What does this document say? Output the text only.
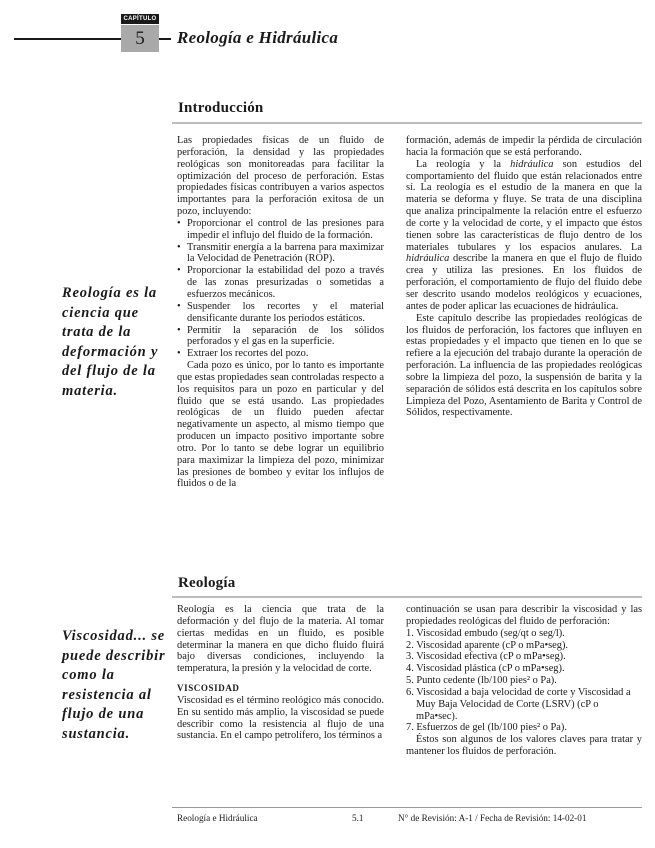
CAPÍTULO
5	Reología e Hidráulica
Introducción
Reología es la ciencia que trata de la deformación y del flujo de la materia.

Las propiedades físicas de un fluido de perforación, la densidad y las propiedades reológicas son monitoreadas para facilitar la optimización del proceso de perforación. Estas propiedades físicas contribuyen a varios aspectos importantes para la perforación exitosa de un pozo, incluyendo:

• Proporcionar el control de las presiones para impedir el influjo del fluido de la formación.
• Transmitir energía a la barrena para maximizar la Velocidad de Penetración (ROP).
• Proporcionar la estabilidad del pozo a través de las zonas presurizadas o sometidas a esfuerzos mecánicos.
• Suspender los recortes y el material densificante durante los periodos estáticos.
• Permitir la separación de los sólidos perforados y el gas en la superficie.
• Extraer los recortes del pozo.

Cada pozo es único, por lo tanto es importante que estas propiedades sean controladas respecto a los requisitos para un pozo en particular y del fluido que se está usando. Las propiedades reológicas de un fluido pueden afectar negativamente un aspecto, al mismo tiempo que producen un impacto positivo importante sobre otro. Por lo tanto se debe lograr un equilibrio para maximizar la limpieza del pozo, minimizar las presiones de bombeo y evitar los influjos de fluidos o de la

formación, además de impedir la pérdida de circulación hacia la formación que se está perforando.

La reología y la hidráulica son estudios del comportamiento del fluido que están relacionados entre sí. La reología es el estudio de la manera en que la materia se deforma y fluye. Se trata de una disciplina que analiza principalmente la relación entre el esfuerzo de corte y la velocidad de corte, y el impacto que éstos tienen sobre las características de flujo dentro de los materiales tubulares y los espacios anulares. La hidráulica describe la manera en que el flujo de fluido crea y utiliza las presiones. En los fluidos de perforación, el comportamiento de flujo del fluido debe ser descrito usando modelos reológicos y ecuaciones, antes de poder aplicar las ecuaciones de hidráulica.

Este capítulo describe las propiedades reológicas de los fluidos de perforación, los factores que influyen en estas propiedades y el impacto que tienen en lo que se refiere a la ejecución del trabajo durante la operación de perforación. La influencia de las propiedades reológicas sobre la limpieza del pozo, la suspensión de barita y la separación de sólidos está descrita en los capítulos sobre Limpieza del Pozo, Asentamiento de Barita y Control de Sólidos, respectivamente.

Reología
Viscosidad... se puede describir como la resistencia al flujo de una sustancia.

Reología es la ciencia que trata de la deformación y del flujo de la materia. Al tomar ciertas medidas en un fluido, es posible determinar la manera en que dicho fluido fluirá bajo diversas condiciones, incluyendo la temperatura, la presión y la velocidad de corte.

VISCOSIDAD

Viscosidad es el término reológico más conocido. En su sentido más amplio, la viscosidad se puede describir como la resistencia al flujo de una sustancia. En el campo petrolífero, los términos a

continuación se usan para describir la viscosidad y las propiedades reológicas del fluido de perforación:

1. Viscosidad embudo (seg/qt o seg/l).
2. Viscosidad aparente (cP o mPa•seg).
3. Viscosidad efectiva (cP o mPa•seg).
4. Viscosidad plástica (cP o mPa•seg).
5. Punto cedente (lb/100 pies² o Pa).
6. Viscosidad a baja velocidad de corte y Viscosidad a Muy Baja Velocidad de Corte (LSRV) (cP o mPa•sec).
7. Esfuerzos de gel (lb/100 pies² o Pa).

Éstos son algunos de los valores claves para tratar y mantener los fluidos de perforación.

Reología e Hidráulica	5.1	N° de Revisión: A-1 / Fecha de Revisión: 14-02-01
